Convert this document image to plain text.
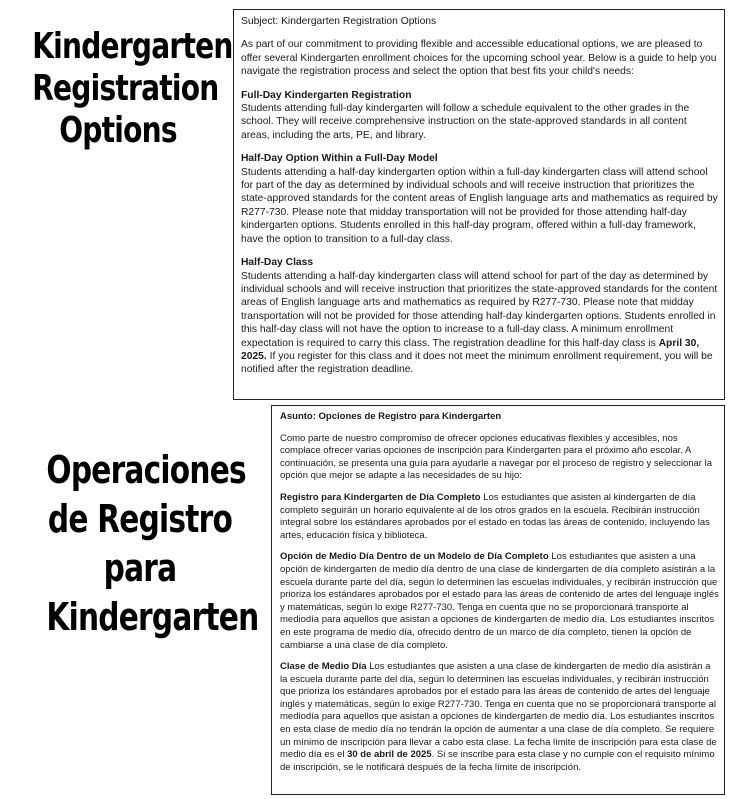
Kindergarten
Registration
Options

Subject: Kindergarten Registration Options

As part of our commitment to providing flexible and accessible educational options, we are pleased to offer several Kindergarten enrollment choices for the upcoming school year. Below is a guide to help you navigate the registration process and select the option that best fits your child's needs:

Full-Day Kindergarten Registration
Students attending full-day kindergarten will follow a schedule equivalent to the other grades in the school. They will receive comprehensive instruction on the state-approved standards in all content areas, including the arts, PE, and library.

Half-Day Option Within a Full-Day Model
Students attending a half-day kindergarten option within a full-day kindergarten class will attend school for part of the day as determined by individual schools and will receive instruction that prioritizes the state-approved standards for the content areas of English language arts and mathematics as required by R277-730. Please note that midday transportation will not be provided for those attending half-day kindergarten options. Students enrolled in this half-day program, offered within a full-day framework, have the option to transition to a full-day class.

Half-Day Class
Students attending a half-day kindergarten class will attend school for part of the day as determined by individual schools and will receive instruction that prioritizes the state-approved standards for the content areas of English language arts and mathematics as required by R277-730. Please note that midday transportation will not be provided for those attending half-day kindergarten options. Students enrolled in this half-day class will not have the option to increase to a full-day class. A minimum enrollment expectation is required to carry this class. The registration deadline for this half-day class is April 30, 2025. If you register for this class and it does not meet the minimum enrollment requirement, you will be notified after the registration deadline.

Operaciones
de Registro
para
Kindergarten

Asunto: Opciones de Registro para Kindergarten

Como parte de nuestro compromiso de ofrecer opciones educativas flexibles y accesibles, nos complace ofrecer varias opciones de inscripción para Kindergarten para el próximo año escolar. A continuación, se presenta una guía para ayudarle a navegar por el proceso de registro y seleccionar la opción que mejor se adapte a las necesidades de su hijo:

Registro para Kindergarten de Día Completo Los estudiantes que asisten al kindergarten de día completo seguirán un horario equivalente al de los otros grados en la escuela. Recibirán instrucción integral sobre los estándares aprobados por el estado en todas las áreas de contenido, incluyendo las artes, educación física y biblioteca.

Opción de Medio Día Dentro de un Modelo de Día Completo Los estudiantes que asisten a una opción de kindergarten de medio día dentro de una clase de kindergarten de día completo asistirán a la escuela durante parte del día, según lo determinen las escuelas individuales, y recibirán instrucción que prioriza los estándares aprobados por el estado para las áreas de contenido de artes del lenguaje inglés y matemáticas, según lo exige R277-730. Tenga en cuenta que no se proporcionará transporte al mediodía para aquellos que asistan a opciones de kindergarten de medio día. Los estudiantes inscritos en este programa de medio día, ofrecido dentro de un marco de día completo, tienen la opción de cambiarse a una clase de día completo.

Clase de Medio Día Los estudiantes que asisten a una clase de kindergarten de medio día asistirán a la escuela durante parte del día, según lo determinen las escuelas individuales, y recibirán instrucción que prioriza los estándares aprobados por el estado para las áreas de contenido de artes del lenguaje inglés y matemáticas, según lo exige R277-730. Tenga en cuenta que no se proporcionará transporte al mediodía para aquellos que asistan a opciones de kindergarten de medio día. Los estudiantes inscritos en esta clase de medio día no tendrán la opción de aumentar a una clase de día completo. Se requiere un mínimo de inscripción para llevar a cabo esta clase. La fecha límite de inscripción para esta clase de medio día es el 30 de abril de 2025. Si se inscribe para esta clase y no cumple con el requisito mínimo de inscripción, se le notificará después de la fecha límite de inscripción.
